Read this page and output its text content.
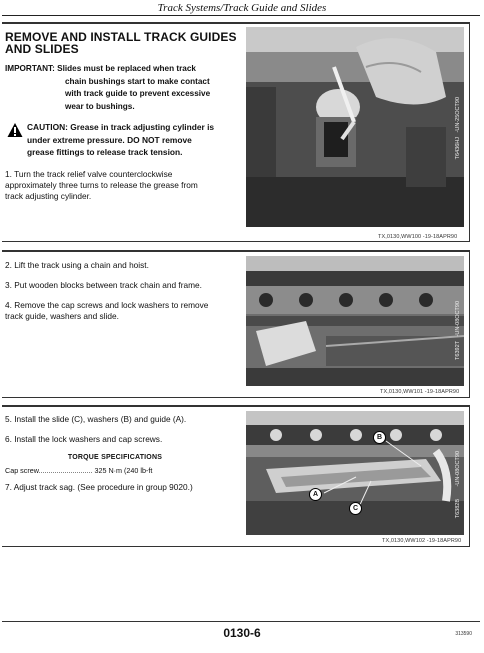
Track Systems/Track Guide and Slides
REMOVE AND INSTALL TRACK GUIDES
AND SLIDES
IMPORTANT: Slides must be replaced when track
chain bushings start to make contact
with track guide to prevent excessive
wear to bushings.
CAUTION: Grease in track adjusting cylinder is
under extreme pressure. DO NOT remove
grease fittings to release track tension.
1. Turn the track relief valve counterclockwise
approximately three turns to release the grease from
track adjusting cylinder.
T6436HJ
-UN-25OCT90
TX,0130,WW100 -19-18APR90
2. Lift the track using a chain and hoist.
3. Put wooden blocks between track chain and frame.
4. Remove the cap screws and lock washers to remove
track guide, washers and slide.
T6392T
-UN-08OCT90
TX,0130,WW101 -19-18APR90
5. Install the slide (C), washers (B) and guide (A).
6. Install the lock washers and cap screws.
TORQUE SPECIFICATIONS
Cap screw........................... 325 N·m (240 lb-ft
7. Adjust track sag. (See procedure in group 9020.)
B
A
C	T6382B
-UN-08OCT90
TX,0130,WW102 -19-18APR90
0130-6	313590
